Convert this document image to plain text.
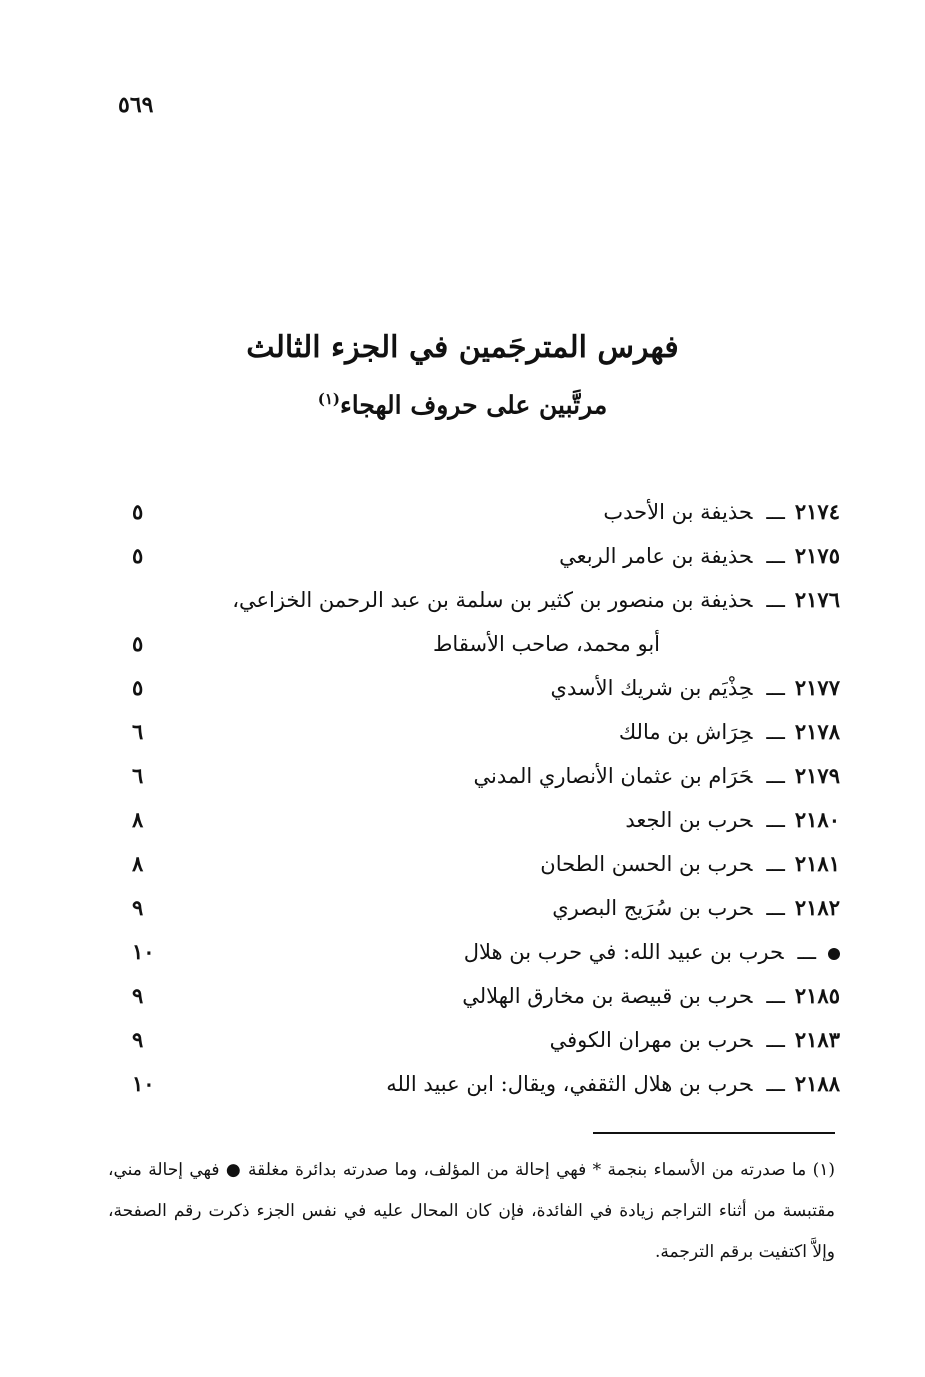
٥٦٩
فهرس المترجَمين في الجزء الثالث
مرتَّبين على حروف الهجاء$^{(١)}$
٢١٧٤ـــحذيفة بن الأحدب
٥
٢١٧٥ـــحذيفة بن عامر الربعي
٥
٢١٧٦ـــحذيفة بن منصور بن كثير بن سلمة بن عبد الرحمن الخزاعي،
أبو محمد، صاحب الأسقاط
٥
٢١٧٧ـــحِذْيَم بن شريك الأسدي
٥
٢١٧٨ـــحِرَاش بن مالك
٦
٢١٧٩ـــحَرَام بن عثمان الأنصاري المدني
٦
٢١٨٠ـــحرب بن الجعد
٨
٢١٨١ـــحرب بن الحسن الطحان
٨
٢١٨٢ـــحرب بن سُرَيج البصري
٩
ـــحرب بن عبيد الله: في حرب بن هلال
١٠
٢١٨٥ـــحرب بن قبيصة بن مخارق الهلالي
٩
٢١٨٣ـــحرب بن مهران الكوفي
٩
٢١٨٨ـــحرب بن هلال الثقفي، ويقال: ابن عبيد الله
١٠
(١) ما صدرته من الأسماء بنجمة * فهي إحالة من المؤلف، وما صدرته بدائرة مغلقة ● فهي إحالة مني، مقتبسة من أثناء التراجم زيادة في الفائدة، فإن كان المحال عليه في نفس الجزء ذكرت رقم الصفحة، وإلاَّ اكتفيت برقم الترجمة.
